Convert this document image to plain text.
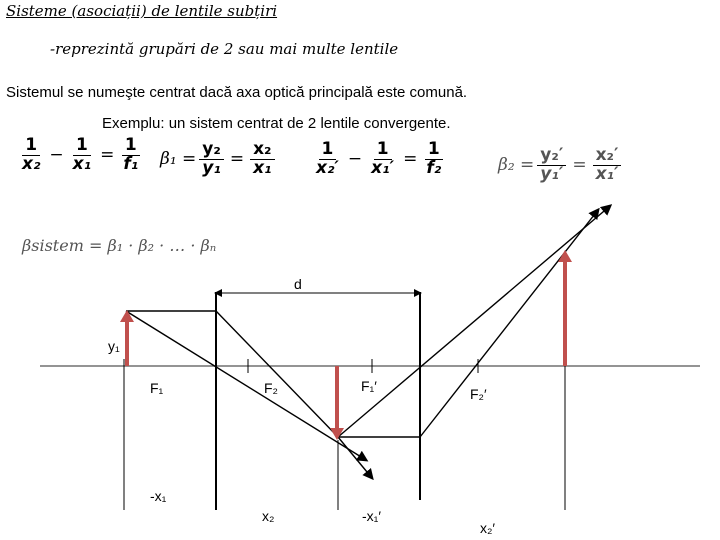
Sisteme (asociații) de lentile subțiri
-reprezintă grupări de 2 sau mai multe lentile
Sistemul se numeşte centrat dacă axa optică principală este comună.
Exemplu: un sistem centrat de 2 lentile convergente.
$\frac{1}{\text{x₂}} - \frac{1}{\text{x₁}} = \frac{1}{\text{f₁}} \beta_1 = \frac{\text{y₂}}{\text{y₁}} = \frac{\text{x₂}}{\text{x₁}} \frac{1}{\text{x₂′}} - \frac{1}{\text{x₁′}} = \frac{1}{\text{f₂}}$	$\beta_2 = \frac{\text{y₂′}}{\text{y₁′}} = \frac{\text{x₂′}}{\text{x₁′}}$
βsistem = β₁ · β₂ · … · βₙ
d
y₁
F₁	F₂	F₁′	F₂′
-x₁
x₂	-x₁′
x₂′
